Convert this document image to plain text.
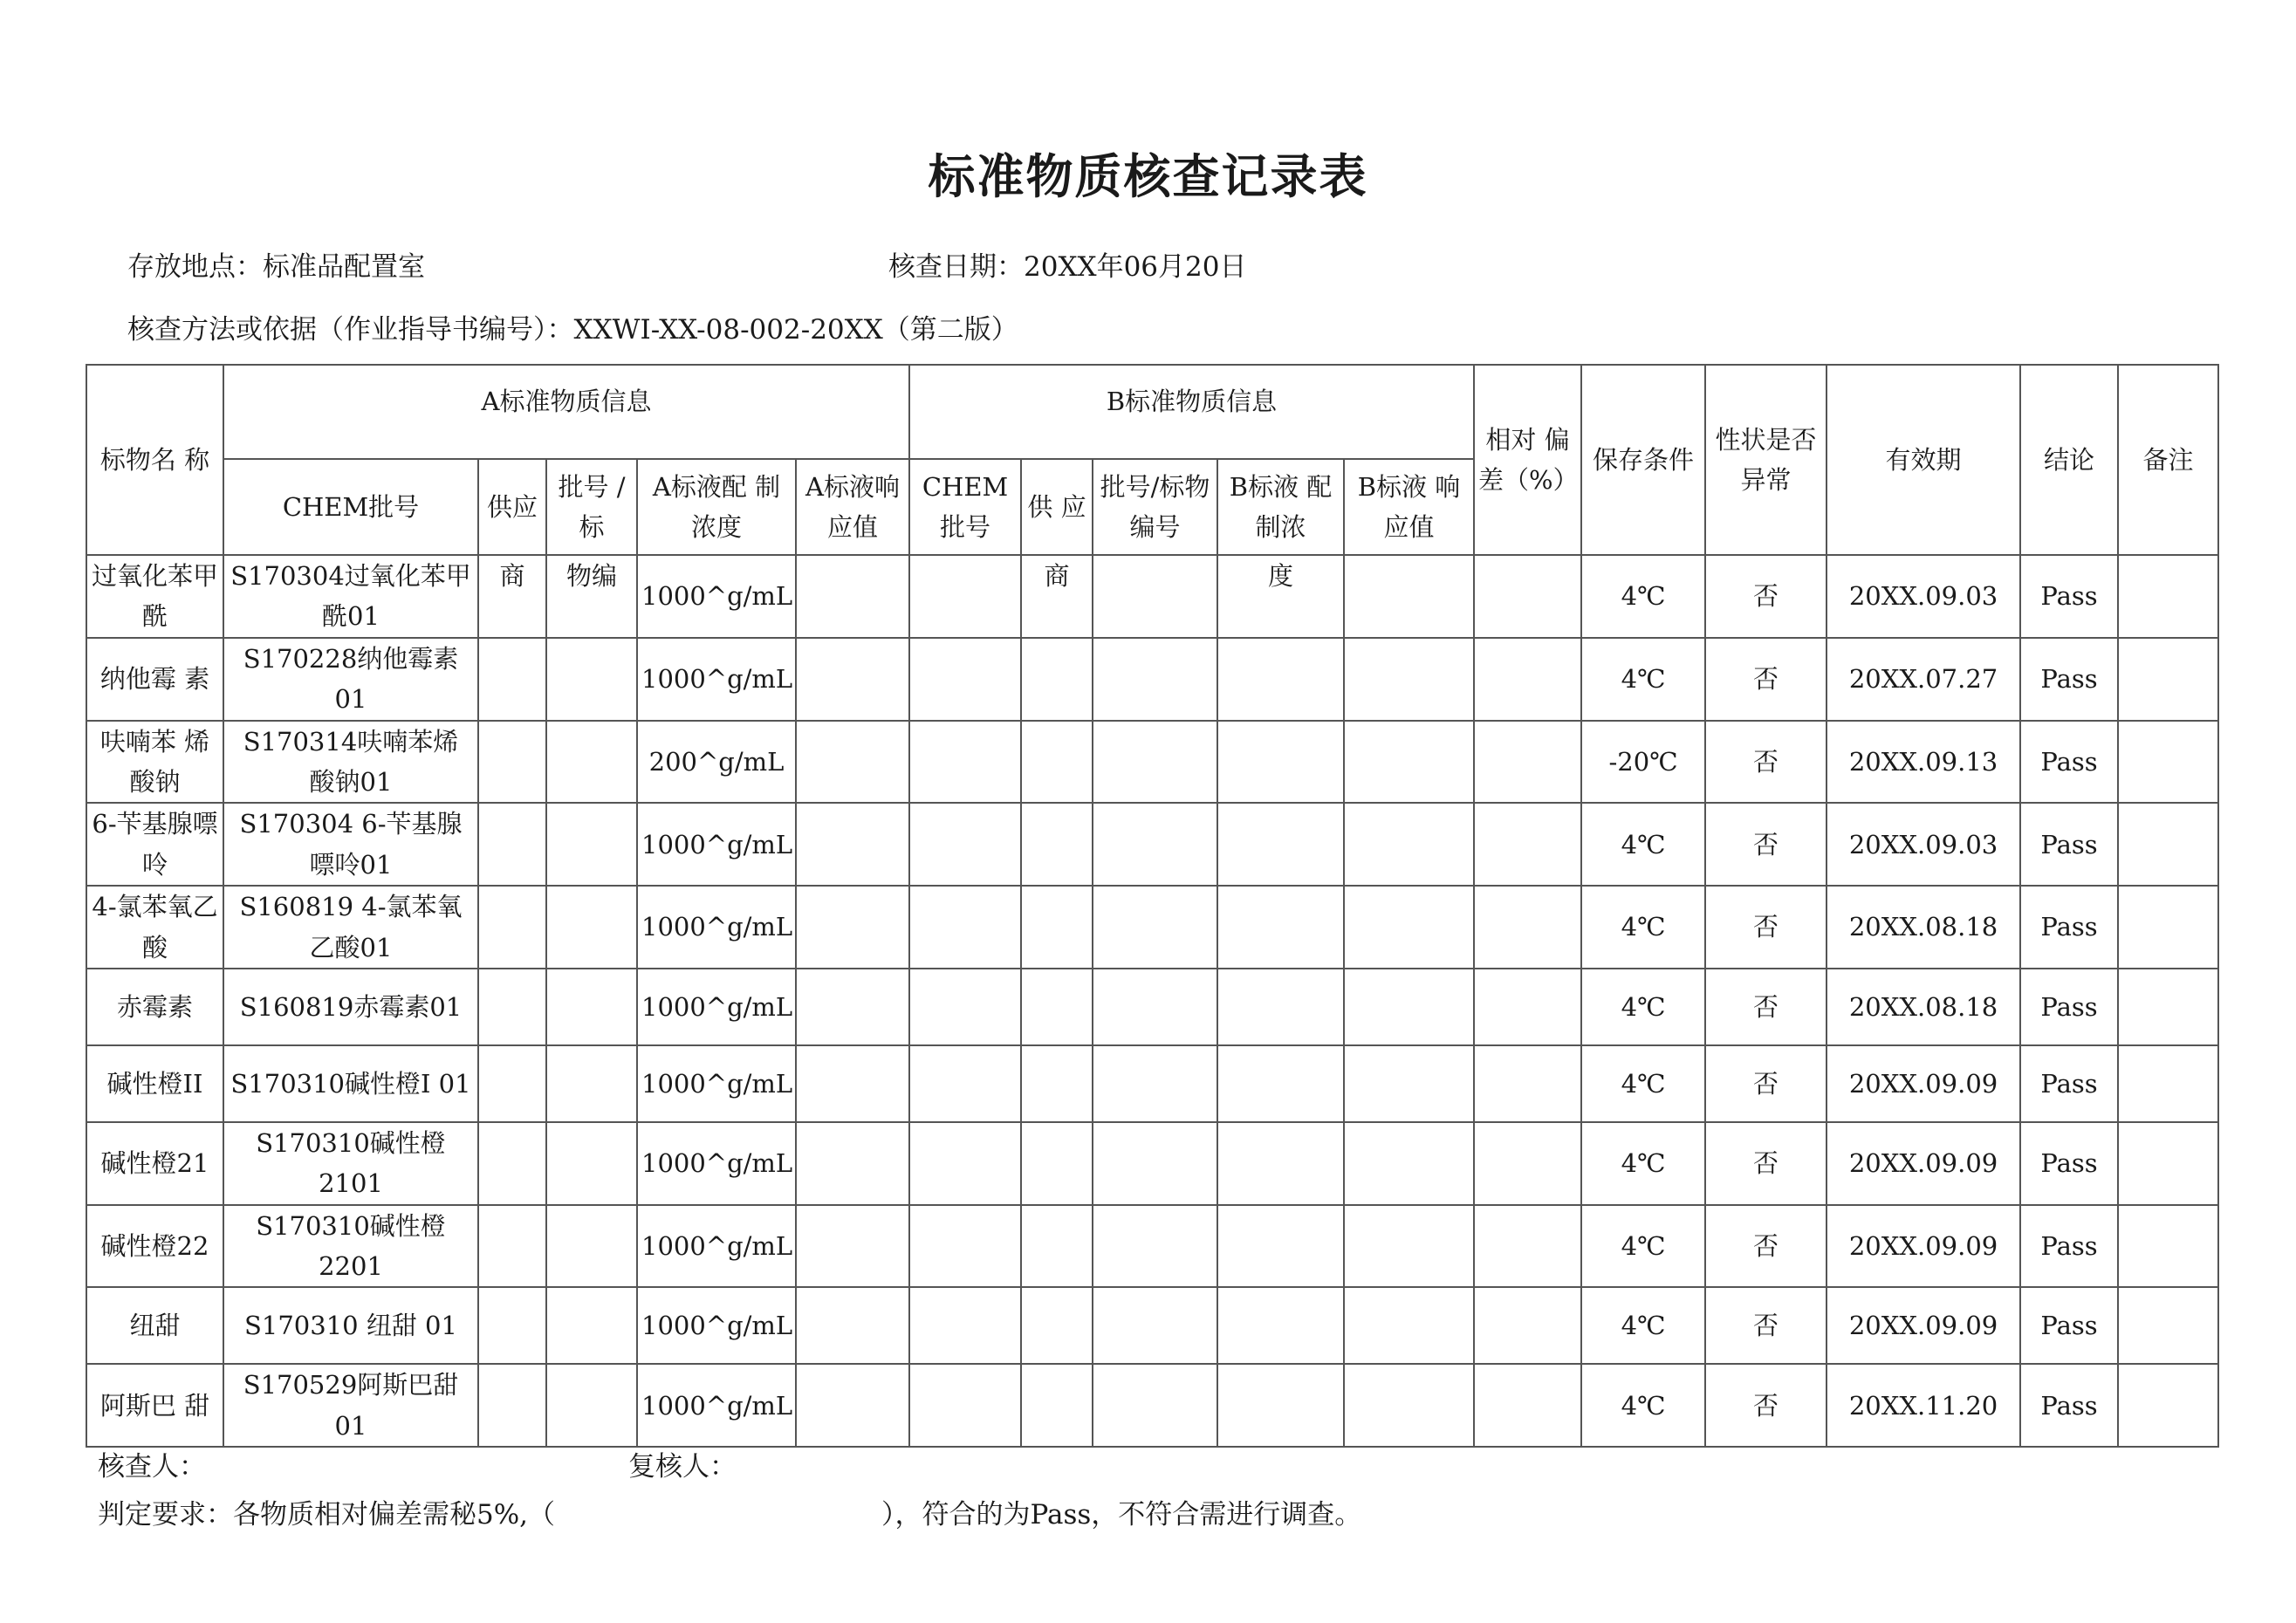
标准物质核查记录表
存放地点：标准品配置室	核查日期：20XX年06月20日
核查方法或依据（作业指导书编号）：XXWI-XX-08-002-20XX（第二版）
标物名 称	A标准物质信息					B标准物质信息					相对 偏差（%）	保存条件	性状是否异常	有效期	结论	备注
	CHEM批号	供应	批号 / 标	A标液配 制浓度	A标液响应值	CHEM批号	供 应	批号/标物编号	B标液 配制浓	B标液 响应值						
过氧化苯甲酰	S170304过氧化苯甲酰01	商	物编	1000^g/mL			商		度			4℃	否	20XX.09.03	Pass	
纳他霉 素	S170228纳他霉素01			1000^g/mL								4℃	否	20XX.07.27	Pass	
呋喃苯 烯酸钠	S170314呋喃苯烯 酸钠01			200^g/mL								-20℃	否	20XX.09.13	Pass	
6-苄基腺嘌呤	S170304 6-苄基腺嘌呤01			1000^g/mL								4℃	否	20XX.09.03	Pass	
4-氯苯氧乙酸	S160819 4-氯苯氧 乙酸01			1000^g/mL								4℃	否	20XX.08.18	Pass	
赤霉素	S160819赤霉素01			1000^g/mL								4℃	否	20XX.08.18	Pass	
碱性橙II	S170310碱性橙I 01			1000^g/mL								4℃	否	20XX.09.09	Pass	
碱性橙21	S170310碱性橙2101			1000^g/mL								4℃	否	20XX.09.09	Pass	
碱性橙22	S170310碱性橙2201			1000^g/mL								4℃	否	20XX.09.09	Pass	
纽甜	S170310 纽甜 01			1000^g/mL								4℃	否	20XX.09.09	Pass	
阿斯巴 甜	S170529阿斯巴甜01			1000^g/mL								4℃	否	20XX.11.20	Pass	
核查人：	复核人：
判定要求：各物质相对偏差需秘5%,（	），符合的为Pass，不符合需进行调查。
